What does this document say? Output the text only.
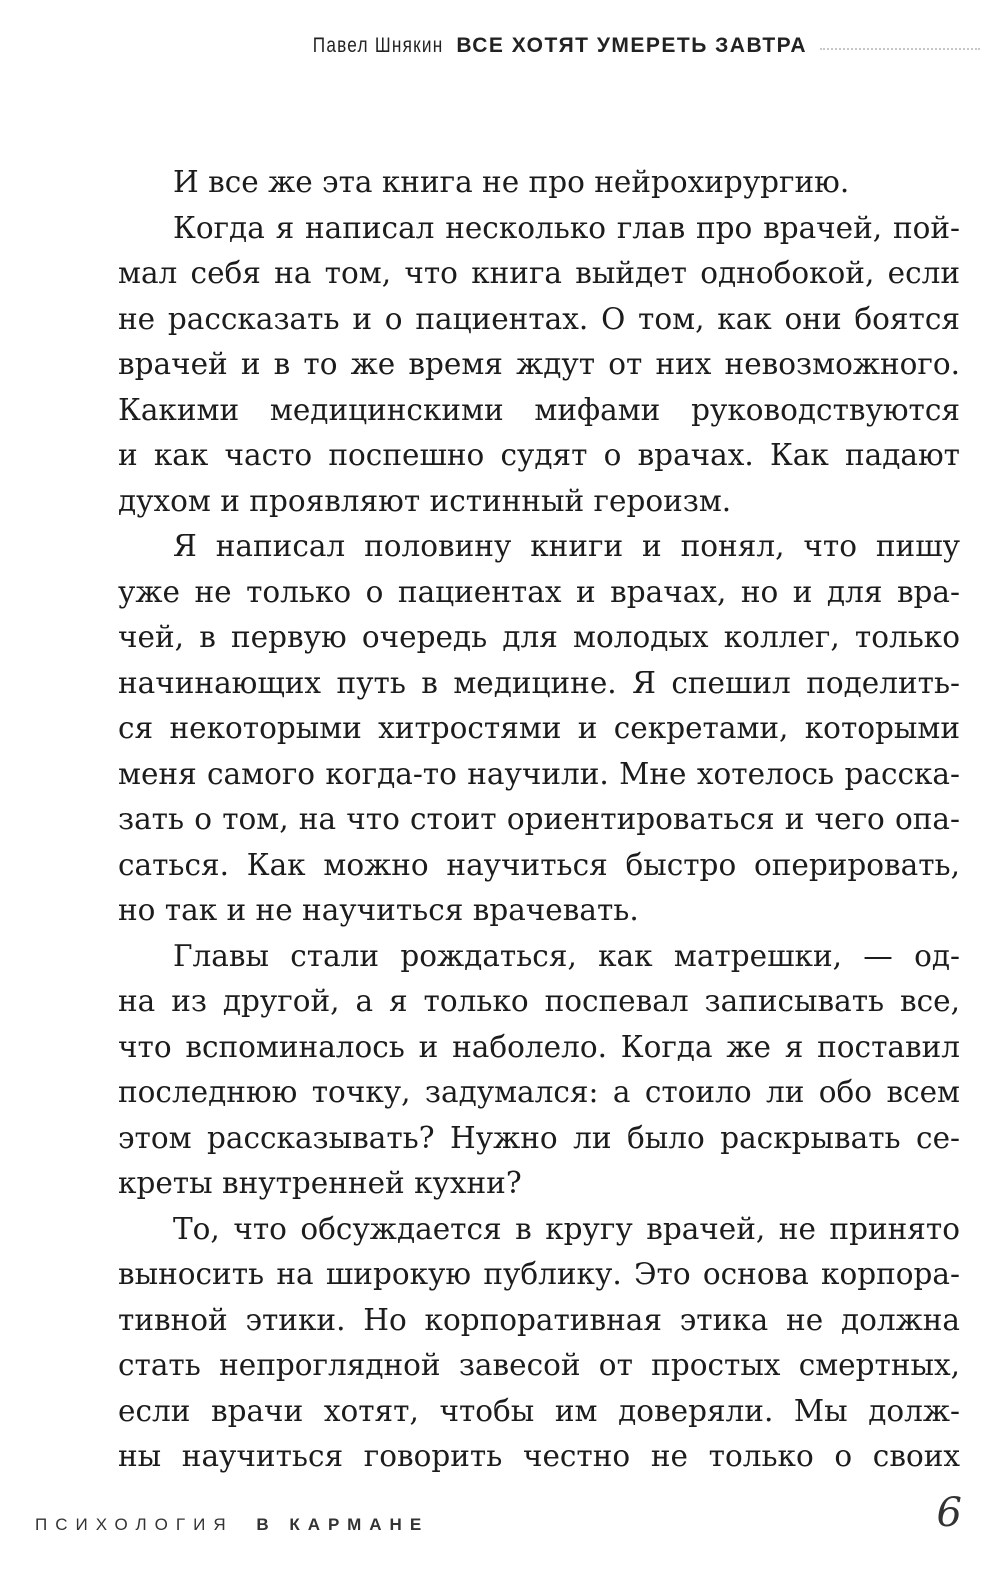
Павел Шнякин ВСЕ ХОТЯТ УМЕРЕТЬ ЗАВТРА
И все же эта книга не про нейрохирургию.
Когда я написал несколько глав про врачей, пой-
мал себя на том, что книга выйдет однобокой, если
не рассказать и о пациентах. О том, как они боятся
врачей и в то же время ждут от них невозможного.
Какими медицинскими мифами руководствуются
и как часто поспешно судят о врачах. Как падают
духом и проявляют истинный героизм.
Я написал половину книги и понял, что пишу
уже не только о пациентах и врачах, но и для вра-
чей, в первую очередь для молодых коллег, только
начинающих путь в медицине. Я спешил поделить-
ся некоторыми хитростями и секретами, которыми
меня самого когда-то научили. Мне хотелось расска-
зать о том, на что стоит ориентироваться и чего опа-
саться. Как можно научиться быстро оперировать,
но так и не научиться врачевать.
Главы стали рождаться, как матрешки, — од-
на из другой, а я только поспевал записывать все,
что вспоминалось и наболело. Когда же я поставил
последнюю точку, задумался: а стоило ли обо всем
этом рассказывать? Нужно ли было раскрывать се-
креты внутренней кухни?
То, что обсуждается в кругу врачей, не принято
выносить на широкую публику. Это основа корпора-
тивной этики. Но корпоративная этика не должна
стать непроглядной завесой от простых смертных,
если врачи хотят, чтобы им доверяли. Мы долж-
ны научиться говорить честно не только о своих
ПСИХОЛОГИЯ В КАРМАНЕ	6
